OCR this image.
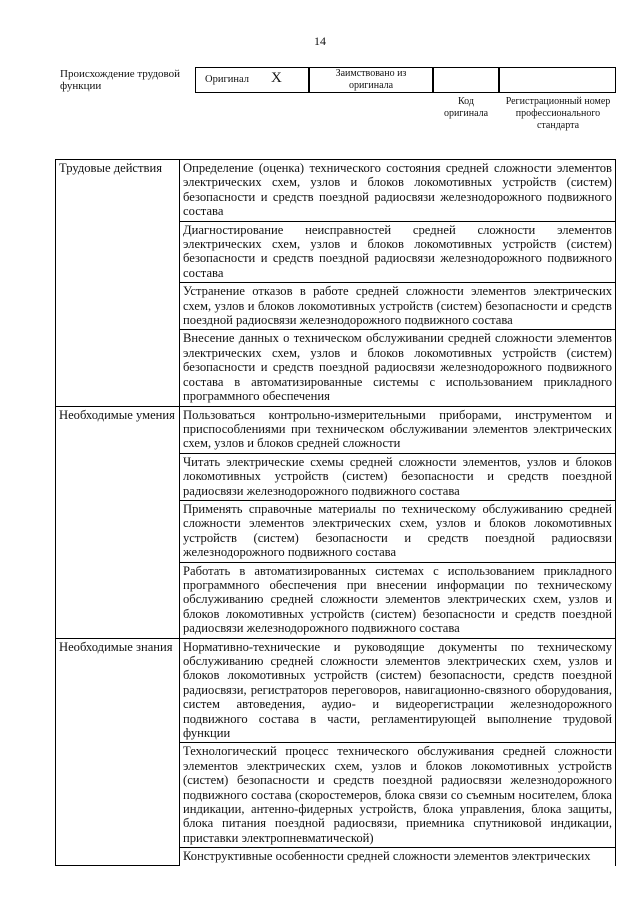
14
Происхождение трудовой функции
Оригинал X	Заимствовано из оригинала
Код оригинала
Регистрационный номер профессионального стандарта
Трудовые действия	Определение (оценка) технического состояния средней сложности элементов электрических схем, узлов и блоков локомотивных устройств (систем) безопасности и средств поездной радиосвязи железнодорожного подвижного состава
	Диагностирование неисправностей средней сложности элементов электрических схем, узлов и блоков локомотивных устройств (систем) безопасности и средств поездной радиосвязи железнодорожного подвижного состава
	Устранение отказов в работе средней сложности элементов электрических схем, узлов и блоков локомотивных устройств (систем) безопасности и средств поездной радиосвязи железнодорожного подвижного состава
	Внесение данных о техническом обслуживании средней сложности элементов электрических схем, узлов и блоков локомотивных устройств (систем) безопасности и средств поездной радиосвязи железнодорожного подвижного состава в автоматизированные системы с использованием прикладного программного обеспечения
Необходимые умения	Пользоваться контрольно-измерительными приборами, инструментом и приспособлениями при техническом обслуживании элементов электрических схем, узлов и блоков средней сложности
	Читать электрические схемы средней сложности элементов, узлов и блоков локомотивных устройств (систем) безопасности и средств поездной радиосвязи железнодорожного подвижного состава
	Применять справочные материалы по техническому обслуживанию средней сложности элементов электрических схем, узлов и блоков локомотивных устройств (систем) безопасности и средств поездной радиосвязи железнодорожного подвижного состава
	Работать в автоматизированных системах с использованием прикладного программного обеспечения при внесении информации по техническому обслуживанию средней сложности элементов электрических схем, узлов и блоков локомотивных устройств (систем) безопасности и средств поездной радиосвязи железнодорожного подвижного состава
Необходимые знания	Нормативно-технические и руководящие документы по техническому обслуживанию средней сложности элементов электрических схем, узлов и блоков локомотивных устройств (систем) безопасности, средств поездной радиосвязи, регистраторов переговоров, навигационно-связного оборудования, систем автоведения, аудио- и видеорегистрации железнодорожного подвижного состава в части, регламентирующей выполнение трудовой функции
	Технологический процесс технического обслуживания средней сложности элементов электрических схем, узлов и блоков локомотивных устройств (систем) безопасности и средств поездной радиосвязи железнодорожного подвижного состава (скоростемеров, блока связи со съемным носителем, блока индикации, антенно-фидерных устройств, блока управления, блока защиты, блока питания поездной радиосвязи, приемника спутниковой индикации, приставки электропневматической)
	Конструктивные особенности средней сложности элементов электрических
